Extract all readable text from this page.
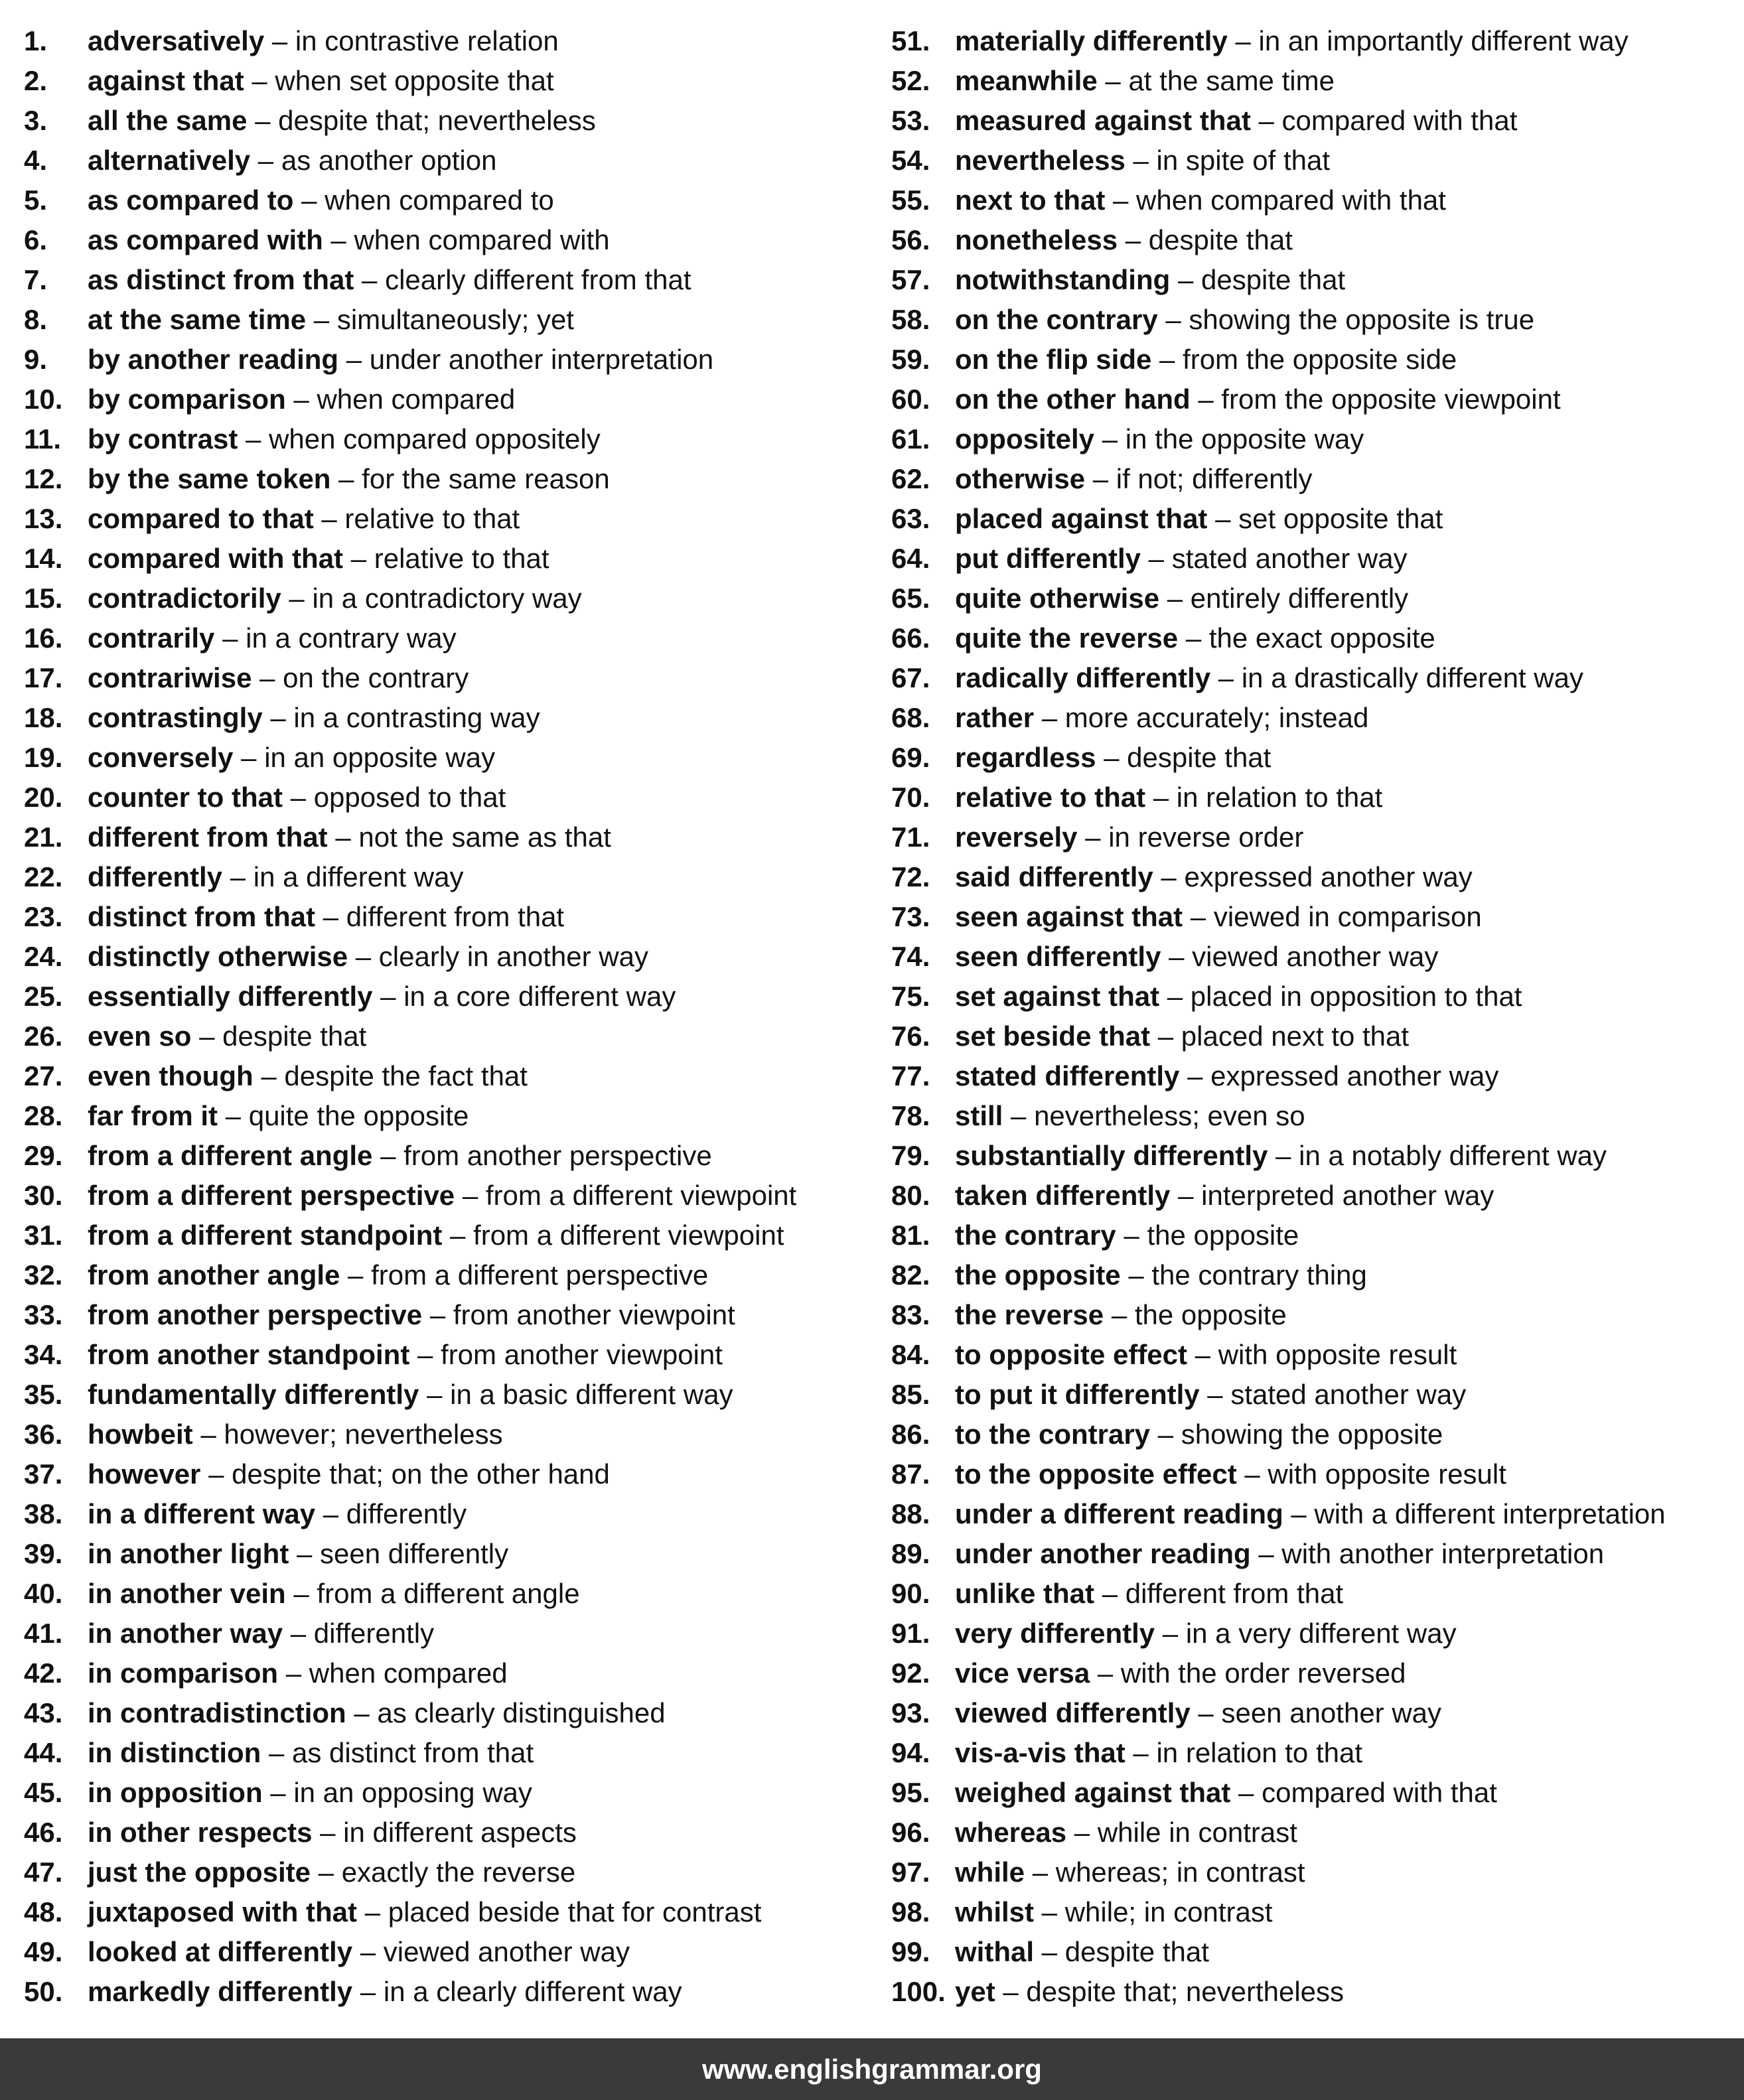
1. adversatively – in contrastive relation
2. against that – when set opposite that
3. all the same – despite that; nevertheless
4. alternatively – as another option
5. as compared to – when compared to
6. as compared with – when compared with
7. as distinct from that – clearly different from that
8. at the same time – simultaneously; yet
9. by another reading – under another interpretation
10. by comparison – when compared
11. by contrast – when compared oppositely
12. by the same token – for the same reason
13. compared to that – relative to that
14. compared with that – relative to that
15. contradictorily – in a contradictory way
16. contrarily – in a contrary way
17. contrariwise – on the contrary
18. contrastingly – in a contrasting way
19. conversely – in an opposite way
20. counter to that – opposed to that
21. different from that – not the same as that
22. differently – in a different way
23. distinct from that – different from that
24. distinctly otherwise – clearly in another way
25. essentially differently – in a core different way
26. even so – despite that
27. even though – despite the fact that
28. far from it – quite the opposite
29. from a different angle – from another perspective
30. from a different perspective – from a different viewpoint
31. from a different standpoint – from a different viewpoint
32. from another angle – from a different perspective
33. from another perspective – from another viewpoint
34. from another standpoint – from another viewpoint
35. fundamentally differently – in a basic different way
36. howbeit – however; nevertheless
37. however – despite that; on the other hand
38. in a different way – differently
39. in another light – seen differently
40. in another vein – from a different angle
41. in another way – differently
42. in comparison – when compared
43. in contradistinction – as clearly distinguished
44. in distinction – as distinct from that
45. in opposition – in an opposing way
46. in other respects – in different aspects
47. just the opposite – exactly the reverse
48. juxtaposed with that – placed beside that for contrast
49. looked at differently – viewed another way
50. markedly differently – in a clearly different way
51. materially differently – in an importantly different way
52. meanwhile – at the same time
53. measured against that – compared with that
54. nevertheless – in spite of that
55. next to that – when compared with that
56. nonetheless – despite that
57. notwithstanding – despite that
58. on the contrary – showing the opposite is true
59. on the flip side – from the opposite side
60. on the other hand – from the opposite viewpoint
61. oppositely – in the opposite way
62. otherwise – if not; differently
63. placed against that – set opposite that
64. put differently – stated another way
65. quite otherwise – entirely differently
66. quite the reverse – the exact opposite
67. radically differently – in a drastically different way
68. rather – more accurately; instead
69. regardless – despite that
70. relative to that – in relation to that
71. reversely – in reverse order
72. said differently – expressed another way
73. seen against that – viewed in comparison
74. seen differently – viewed another way
75. set against that – placed in opposition to that
76. set beside that – placed next to that
77. stated differently – expressed another way
78. still – nevertheless; even so
79. substantially differently – in a notably different way
80. taken differently – interpreted another way
81. the contrary – the opposite
82. the opposite – the contrary thing
83. the reverse – the opposite
84. to opposite effect – with opposite result
85. to put it differently – stated another way
86. to the contrary – showing the opposite
87. to the opposite effect – with opposite result
88. under a different reading – with a different interpretation
89. under another reading – with another interpretation
90. unlike that – different from that
91. very differently – in a very different way
92. vice versa – with the order reversed
93. viewed differently – seen another way
94. vis-a-vis that – in relation to that
95. weighed against that – compared with that
96. whereas – while in contrast
97. while – whereas; in contrast
98. whilst – while; in contrast
99. withal – despite that
100. yet – despite that; nevertheless
www.englishgrammar.org
